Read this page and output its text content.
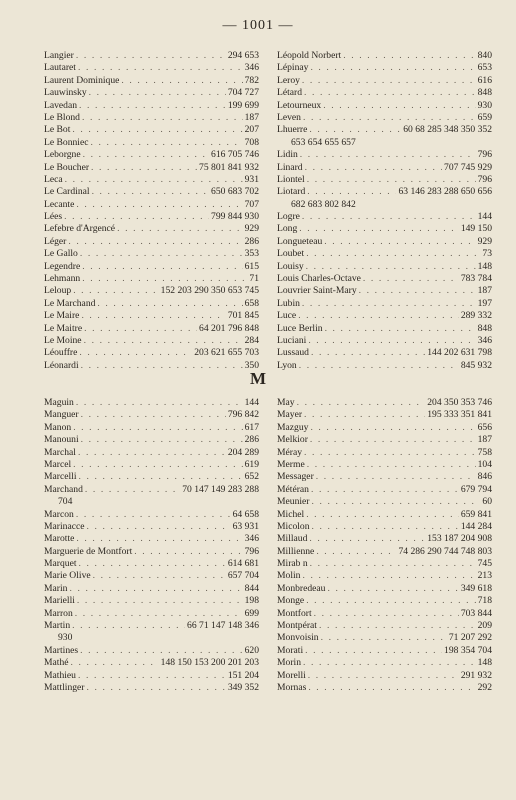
— 1001 —
Langier . . .	294 653
Lautaret . . .	346
Laurent Dominique . . .	782
Lauwinsky . . .	704 727
Lavedan . . .	199 699
Le Blond . . .	187
Le Bot . . .	207
Le Bonniec . . .	708
Leborgne . . .	616 705 746
Le Boucher . . .	75 801 841 932
Leca . . .	931
Le Cardinal . . .	650 683 702
Lecante . . .	707
Lées . . .	799 844 930
Lefebre d'Argencé . . .	929
Léger . . .	286
Le Gallo . . .	353
Legendre . . .	615
Lehmann . . .	71
Leloup . . .	152 203 290 350 653 745
Le Marchand . . .	658
Le Maire . . .	701 845
Le Maitre . . .	64 201 796 848
Le Moine . . .	284
Léouffre . . .	203 621 655 703
Léonardi . . .	350
Léopold Norbert . . .	840
Lépinay . . .	653
Leroy . . .	616
Létard . . .	848
Letourneux . . .	930
Leven . . .	659
Lhuerre . . .	60 68 285 348 350 352
653 654 655 657
Lidin . . .	796
Linard . . .	707 745 929
Liontel . . .	796
Liotard . . .	63 146 283 288 650 656
682 683 802 842
Logre . . .	144
Long . . .	149 150
Longueteau . . .	929
Loubet . . .	73
Louisy . . .	148
Louis Charles-Octave . . .	783 784
Louvrier Saint-Mary . . .	187
Lubin . . .	197
Luce . . .	289 332
Luce Berlin . . .	848
Luciani . . .	346
Lussaud . . .	144 202 631 798
Lyon . . .	845 932
M
Maguin . . .	144
Manguer . . .	796 842
Manon . . .	617
Manouni . . .	286
Marchal . . .	204 289
Marcel . . .	619
Marcelli . . .	652
Marchand . . .	70 147 149 283 288
704
Marcon . . .	64 658
Marinacce . . .	63 931
Marotte . . .	346
Marguerie de Montfort . . .	796
Marquet . . .	614 681
Marie Olive . . .	657 704
Marin . . .	844
Marielli . . .	198
Marron . . .	699
Martin . . .	66 71 147 148 346
930
Martines . . .	620
Mathé . . .	148 150 153 200 201 203
Mathieu . . .	151 204
Mattlinger . . .	349 352
May . . .	204 350 353 746
Mayer . . .	195 333 351 841
Mazguy . . .	656
Melkior . . .	187
Méray . . .	758
Merme . . .	104
Messager . . .	846
Météran . . .	679 794
Meunier . . .	60
Michel . . .	659 841
Micolon . . .	144 284
Millaud . . .	153 187 204 908
Millienne . . .	74 286 290 744 748 803
Mirab n . . .	745
Molin . . .	213
Monbredeau . . .	349 618
Monge . . .	718
Montfort . . .	703 844
Montpérat . . .	209
Monvoisin . . .	71 207 292
Morati . . .	198 354 704
Morin . . .	148
Morelli . . .	291 932
Mornas . . .	292
